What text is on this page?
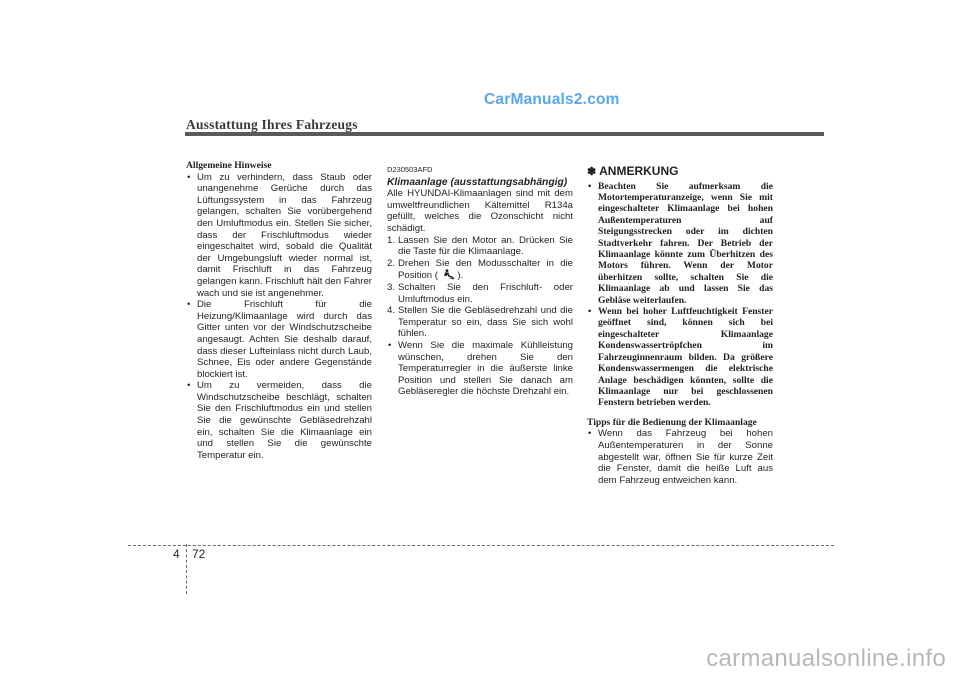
Ausstattung Ihres Fahrzeugs
CarManuals2.com

Allgemeine Hinweise

• Um zu verhindern, dass Staub oder unangenehme Gerüche durch das Lüftungssystem in das Fahrzeug gelangen, schalten Sie vorübergehend den Umluftmodus ein. Stellen Sie sicher, dass der Frischluftmodus wieder eingeschaltet wird, sobald die Qualität der Umgebungsluft wieder normal ist, damit Frischluft in das Fahrzeug gelangen kann. Frischluft hält den Fahrer wach und sie ist angenehmer.
• Die Frischluft für die Heizung/Klimaanlage wird durch das Gitter unten vor der Windschutzscheibe angesaugt. Achten Sie deshalb darauf, dass dieser Lufteinlass nicht durch Laub, Schnee, Eis oder andere Gegenstände blockiert ist.
• Um zu vermeiden, dass die Windschutzscheibe beschlägt, schalten Sie den Frischluftmodus ein und stellen Sie die gewünschte Gebläsedrehzahl ein, schalten Sie die Klimaanlage ein und stellen Sie die gewünschte Temperatur ein.

D230503AFD

Klimaanlage (ausstattungsabhängig)

Alle HYUNDAI-Klimaanlagen sind mit dem umweltfreundlichen Kältemittel R134a gefüllt, welches die Ozonschicht nicht schädigt.

1. Lassen Sie den Motor an. Drücken Sie die Taste für die Klimaanlage.
2. Drehen Sie den Modusschalter in die Position ( ).
3. Schalten Sie den Frischluft- oder Umluftmodus ein.
4. Stellen Sie die Gebläsedrehzahl und die Temperatur so ein, dass Sie sich wohl fühlen.
• Wenn Sie die maximale Kühlleistung wünschen, drehen Sie den Temperaturregler in die äußerste linke Position und stellen Sie danach am Gebläseregler die höchste Drehzahl ein.

✽ ANMERKUNG

• Beachten Sie aufmerksam die Motortemperaturanzeige, wenn Sie mit eingeschalteter Klimaanlage bei hohen Außentemperaturen auf Steigungsstrecken oder im dichten Stadtverkehr fahren. Der Betrieb der Klimaanlage könnte zum Überhitzen des Motors führen. Wenn der Motor überhitzen sollte, schalten Sie die Klimaanlage ab und lassen Sie das Gebläse weiterlaufen.
• Wenn bei hoher Luftfeuchtigkeit Fenster geöffnet sind, können sich bei eingeschalteter Klimaanlage Kondenswassertröpfchen im Fahrzeuginnenraum bilden. Da größere Kondenswassermengen die elektrische Anlage beschädigen könnten, sollte die Klimaanlage nur bei geschlossenen Fenstern betrieben werden.

Tipps für die Bedienung der Klimaanlage

• Wenn das Fahrzeug bei hohen Außentemperaturen in der Sonne abgestellt war, öffnen Sie für kurze Zeit die Fenster, damit die heiße Luft aus dem Fahrzeug entweichen kann.
4 72
carmanualsonline.info
